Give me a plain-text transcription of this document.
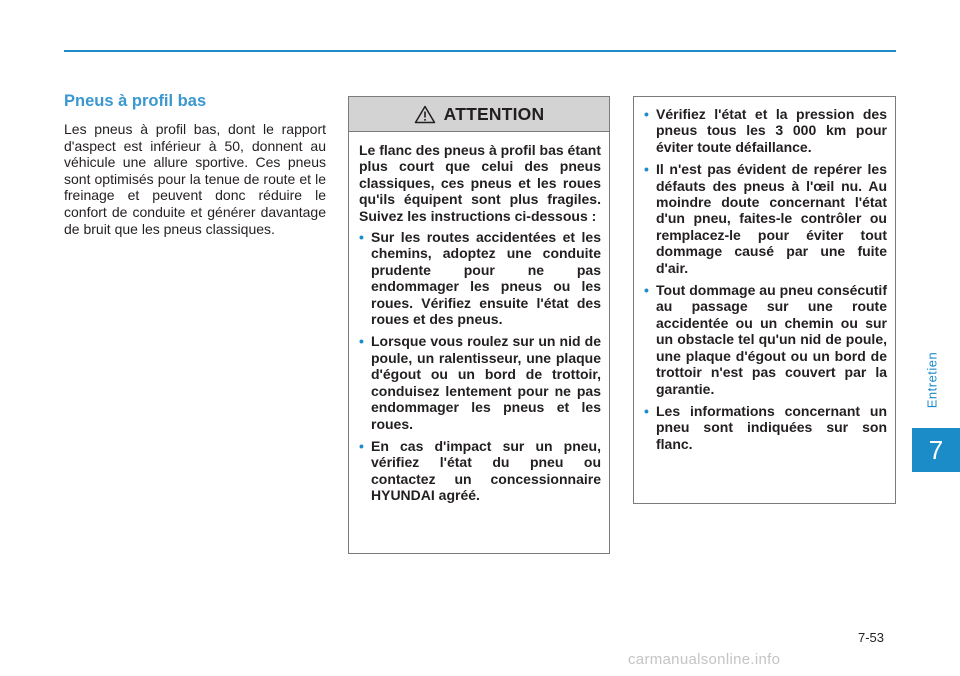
Entretien
7
Pneus à profil bas

Les pneus à profil bas, dont le rapport d'aspect est inférieur à 50, donnent au véhicule une allure sportive. Ces pneus sont optimisés pour la tenue de route et le freinage et peuvent donc réduire le confort de conduite et générer davantage de bruit que les pneus classiques.

ATTENTION

Le flanc des pneus à profil bas étant plus court que celui des pneus classiques, ces pneus et les roues qu'ils équipent sont plus fragiles. Suivez les instructions ci-dessous :

• Sur les routes accidentées et les chemins, adoptez une conduite prudente pour ne pas endommager les pneus ou les roues. Vérifiez ensuite l'état des roues et des pneus.
• Lorsque vous roulez sur un nid de poule, un ralentisseur, une plaque d'égout ou un bord de trottoir, conduisez lentement pour ne pas endommager les pneus et les roues.
• En cas d'impact sur un pneu, vérifiez l'état du pneu ou contactez un concessionnaire HYUNDAI agréé.
• Vérifiez l'état et la pression des pneus tous les 3 000 km pour éviter toute défaillance.
• Il n'est pas évident de repérer les défauts des pneus à l'œil nu. Au moindre doute concernant l'état d'un pneu, faites-le contrôler ou remplacez-le pour éviter tout dommage causé par une fuite d'air.
• Tout dommage au pneu consécutif au passage sur une route accidentée ou un chemin ou sur un obstacle tel qu'un nid de poule, une plaque d'égout ou un bord de trottoir n'est pas couvert par la garantie.
• Les informations concernant un pneu sont indiquées sur son flanc.
7-53
carmanualsonline.info
